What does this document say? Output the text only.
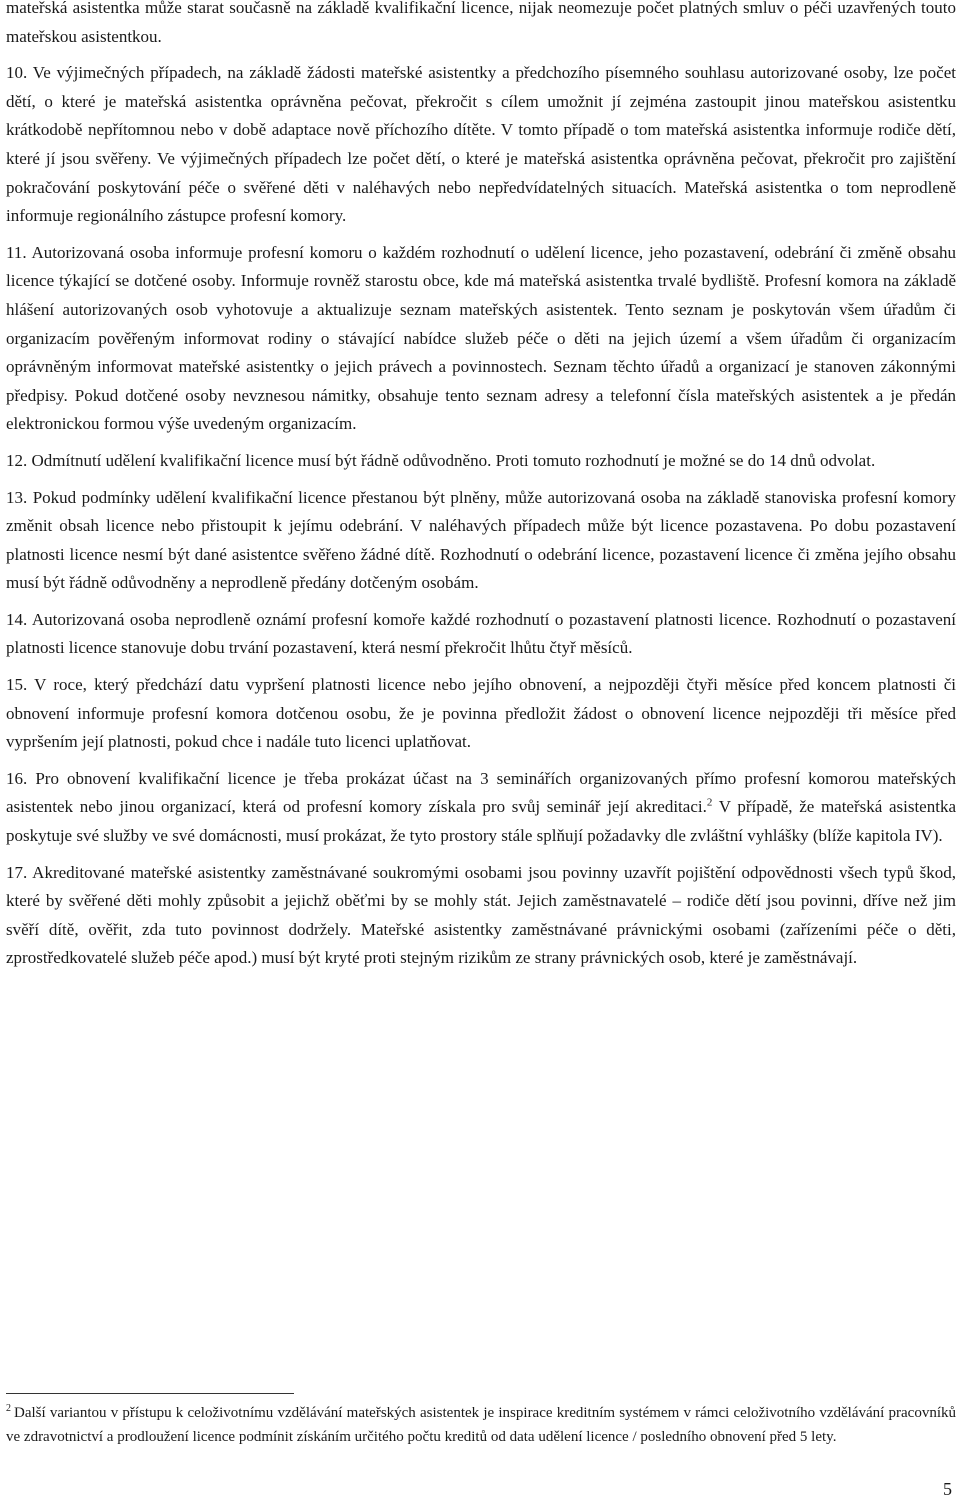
mateřská asistentka může starat současně na základě kvalifikační licence, nijak neomezuje počet platných smluv o péči uzavřených touto mateřskou asistentkou.

10. Ve výjimečných případech, na základě žádosti mateřské asistentky a předchozího písemného souhlasu autorizované osoby, lze počet dětí, o které je mateřská asistentka oprávněna pečovat, překročit s cílem umožnit jí zejména zastoupit jinou mateřskou asistentku krátkodobě nepřítomnou nebo v době adaptace nově příchozího dítěte. V tomto případě o tom mateřská asistentka informuje rodiče dětí, které jí jsou svěřeny. Ve výjimečných případech lze počet dětí, o které je mateřská asistentka oprávněna pečovat, překročit pro zajištění pokračování poskytování péče o svěřené děti v naléhavých nebo nepředvídatelných situacích. Mateřská asistentka o tom neprodleně informuje regionálního zástupce profesní komory.

11. Autorizovaná osoba informuje profesní komoru o každém rozhodnutí o udělení licence, jeho pozastavení, odebrání či změně obsahu licence týkající se dotčené osoby. Informuje rovněž starostu obce, kde má mateřská asistentka trvalé bydliště. Profesní komora na základě hlášení autorizovaných osob vyhotovuje a aktualizuje seznam mateřských asistentek. Tento seznam je poskytován všem úřadům či organizacím pověřeným informovat rodiny o stávající nabídce služeb péče o děti na jejich území a všem úřadům či organizacím oprávněným informovat mateřské asistentky o jejich právech a povinnostech. Seznam těchto úřadů a organizací je stanoven zákonnými předpisy. Pokud dotčené osoby nevznesou námitky, obsahuje tento seznam adresy a telefonní čísla mateřských asistentek a je předán elektronickou formou výše uvedeným organizacím.

12. Odmítnutí udělení kvalifikační licence musí být řádně odůvodněno. Proti tomuto rozhodnutí je možné se do 14 dnů odvolat.

13. Pokud podmínky udělení kvalifikační licence přestanou být plněny, může autorizovaná osoba na základě stanoviska profesní komory změnit obsah licence nebo přistoupit k jejímu odebrání. V naléhavých případech může být licence pozastavena. Po dobu pozastavení platnosti licence nesmí být dané asistentce svěřeno žádné dítě. Rozhodnutí o odebrání licence, pozastavení licence či změna jejího obsahu musí být řádně odůvodněny a neprodleně předány dotčeným osobám.

14. Autorizovaná osoba neprodleně oznámí profesní komoře každé rozhodnutí o pozastavení platnosti licence. Rozhodnutí o pozastavení platnosti licence stanovuje dobu trvání pozastavení, která nesmí překročit lhůtu čtyř měsíců.

15. V roce, který předchází datu vypršení platnosti licence nebo jejího obnovení, a nejpozději čtyři měsíce před koncem platnosti či obnovení informuje profesní komora dotčenou osobu, že je povinna předložit žádost o obnovení licence nejpozději tři měsíce před vypršením její platnosti, pokud chce i nadále tuto licenci uplatňovat.

16. Pro obnovení kvalifikační licence je třeba prokázat účast na 3 seminářích organizovaných přímo profesní komorou mateřských asistentek nebo jinou organizací, která od profesní komory získala pro svůj seminář její akreditaci.$^2$ V případě, že mateřská asistentka poskytuje své služby ve své domácnosti, musí prokázat, že tyto prostory stále splňují požadavky dle zvláštní vyhlášky (blíže kapitola IV).

17. Akreditované mateřské asistentky zaměstnávané soukromými osobami jsou povinny uzavřít pojištění odpovědnosti všech typů škod, které by svěřené děti mohly způsobit a jejichž oběťmi by se mohly stát. Jejich zaměstnavatelé – rodiče dětí jsou povinni, dříve než jim svěří dítě, ověřit, zda tuto povinnost dodržely. Mateřské asistentky zaměstnávané právnickými osobami (zařízeními péče o děti, zprostředkovatelé služeb péče apod.) musí být kryté proti stejným rizikům ze strany právnických osob, které je zaměstnávají.

$^2$ Další variantou v přístupu k celoživotnímu vzdělávání mateřských asistentek je inspirace kreditním systémem v rámci celoživotního vzdělávání pracovníků ve zdravotnictví a prodloužení licence podmínit získáním určitého počtu kreditů od data udělení licence / posledního obnovení před 5 lety.

5
